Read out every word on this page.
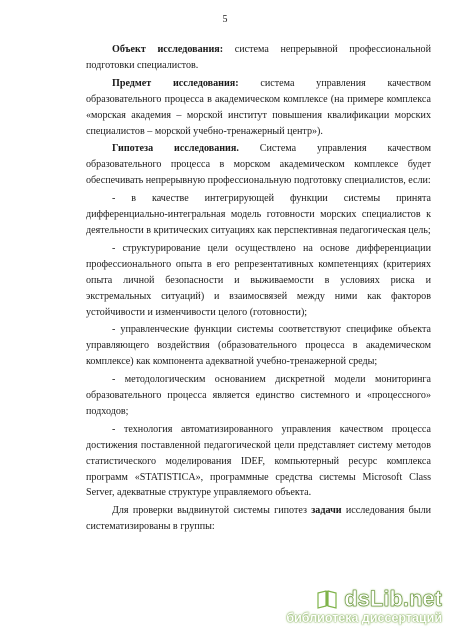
5

Объект исследования: система непрерывной профессиональной подготовки специалистов.

Предмет исследования: система управления качеством образовательного процесса в академическом комплексе (на примере комплекса «морская академия – морской институт повышения квалификации морских специалистов – морской учебно-тренажерный центр»).

Гипотеза исследования. Система управления качеством образовательного процесса в морском академическом комплексе будет обеспечивать непрерывную профессиональную подготовку специалистов, если:

- в качестве интегрирующей функции системы принята дифференциально-интегральная модель готовности морских специалистов к деятельности в критических ситуациях как перспективная педагогическая цель;

- структурирование цели осуществлено на основе дифференциации профессионального опыта в его репрезентативных компетенциях (критериях опыта личной безопасности и выживаемости в условиях риска и экстремальных ситуаций) и взаимосвязей между ними как факторов устойчивости и изменчивости целого (готовности);

- управленческие функции системы соответствуют специфике объекта управляющего воздействия (образовательного процесса в академическом комплексе) как компонента адекватной учебно-тренажерной среды;

- методологическим основанием дискретной модели мониторинга образовательного процесса является единство системного и «процессного» подходов;

- технология автоматизированного управления качеством процесса достижения поставленной педагогической цели представляет систему методов статистического моделирования IDEF, компьютерный ресурс комплекса программ «STATISTICA», программные средства системы Microsoft Class Server, адекватные структуре управляемого объекта.

Для проверки выдвинутой системы гипотез задачи исследования были систематизированы в группы:

dsLib.net
библиотека диссертаций
